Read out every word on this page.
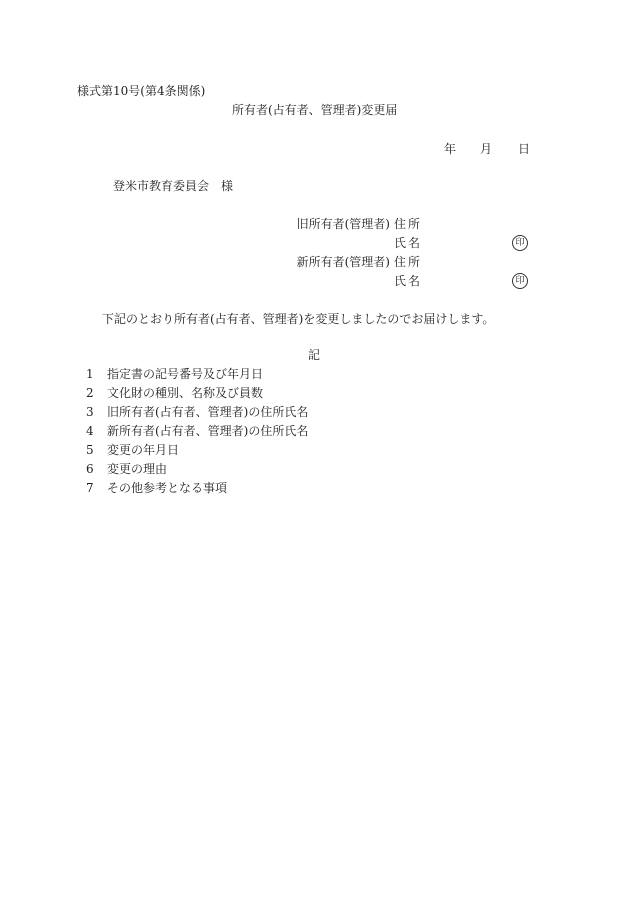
様式第10号(第4条関係)
所有者(占有者、管理者)変更届
年 月 日
登米市教育委員会 様
旧所有者(管理者) 住 所
氏 名	印
新所有者(管理者) 住 所
氏 名	印
下記のとおり所有者(占有者、管理者)を変更しましたのでお届けします。
記
1 指定書の記号番号及び年月日
2 文化財の種別、名称及び員数
3 旧所有者(占有者、管理者)の住所氏名
4 新所有者(占有者、管理者)の住所氏名
5 変更の年月日
6 変更の理由
7 その他参考となる事項
